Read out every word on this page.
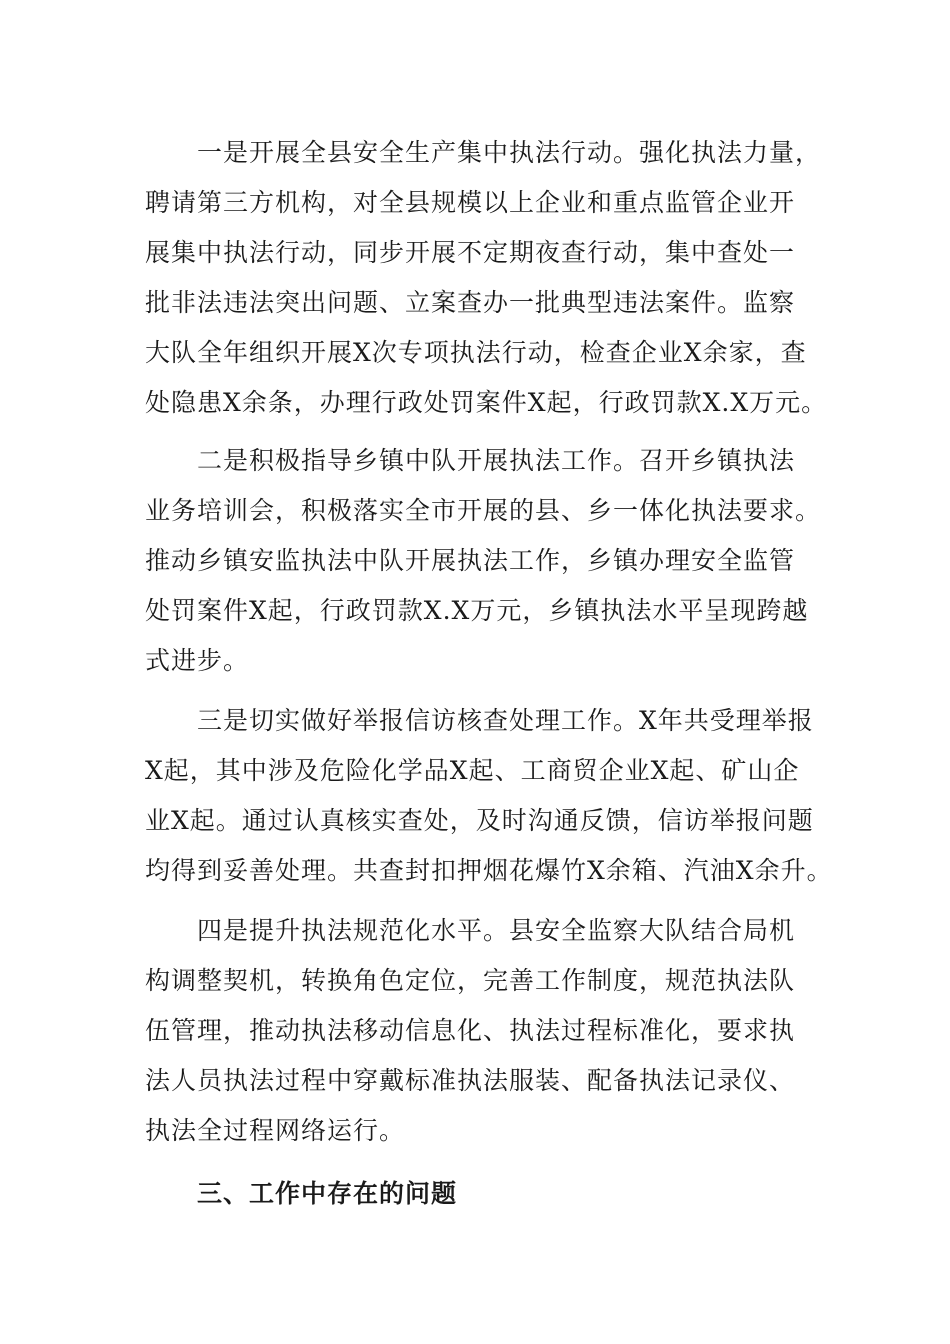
一是开展全县安全生产集中执法行动。强化执法力量，
聘请第三方机构，对全县规模以上企业和重点监管企业开
展集中执法行动，同步开展不定期夜查行动，集中查处一
批非法违法突出问题、立案查办一批典型违法案件。监察
大队全年组织开展X次专项执法行动，检查企业X余家，查
处隐患X余条，办理行政处罚案件X起，行政罚款X.X万元。
二是积极指导乡镇中队开展执法工作。召开乡镇执法
业务培训会，积极落实全市开展的县、乡一体化执法要求。
推动乡镇安监执法中队开展执法工作，乡镇办理安全监管
处罚案件X起，行政罚款X.X万元，乡镇执法水平呈现跨越
式进步。
三是切实做好举报信访核查处理工作。X年共受理举报
X起，其中涉及危险化学品X起、工商贸企业X起、矿山企
业X起。通过认真核实查处，及时沟通反馈，信访举报问题
均得到妥善处理。共查封扣押烟花爆竹X余箱、汽油X余升。
四是提升执法规范化水平。县安全监察大队结合局机
构调整契机，转换角色定位，完善工作制度，规范执法队
伍管理，推动执法移动信息化、执法过程标准化，要求执
法人员执法过程中穿戴标准执法服装、配备执法记录仪、
执法全过程网络运行。
三、工作中存在的问题
